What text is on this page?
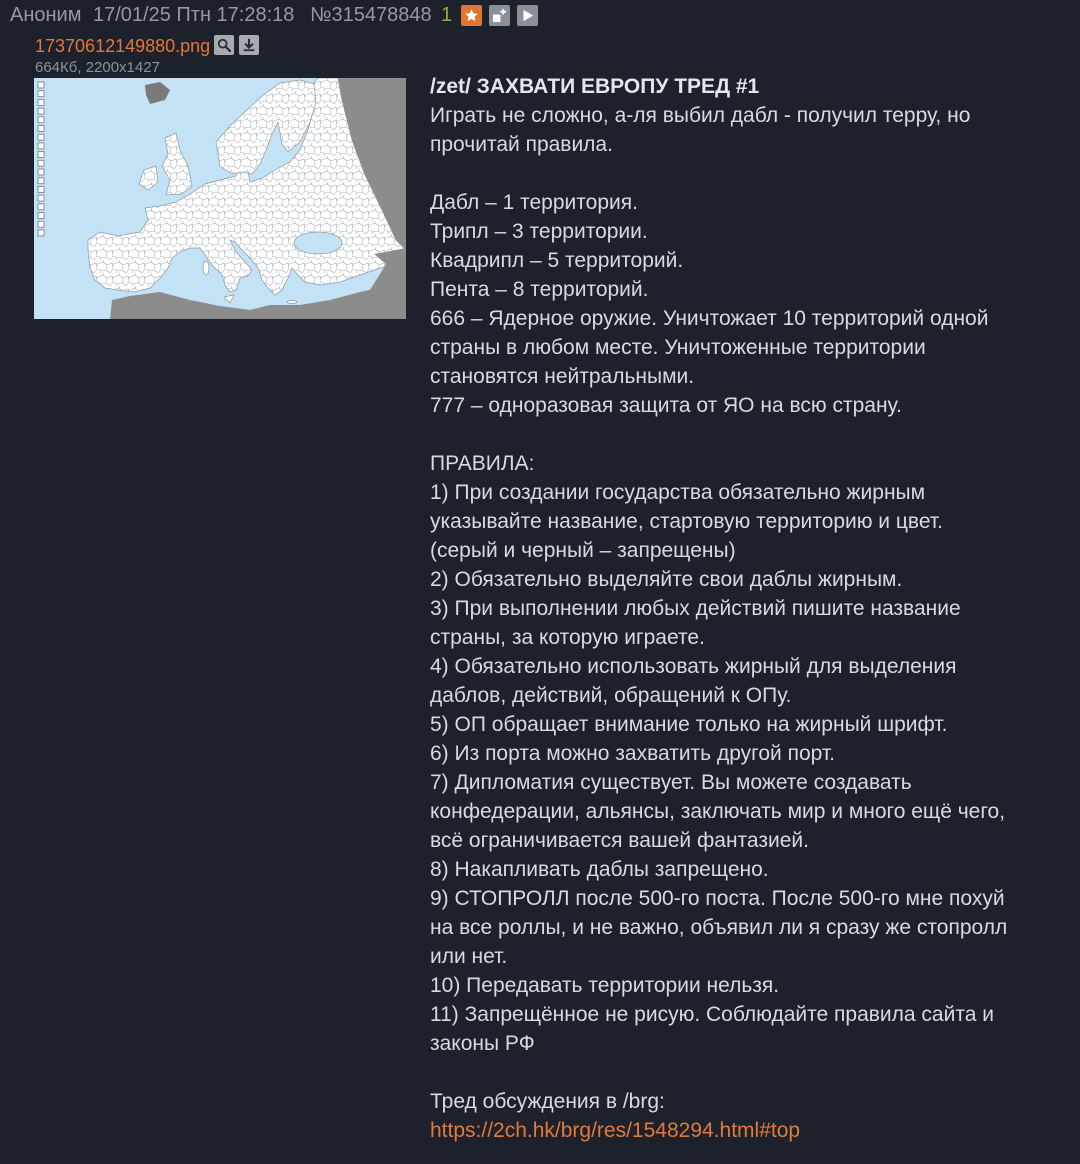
Аноним 17/01/25 Птн 17:28:18 №315478848 1
17370612149880.png
664Кб, 2200x1427
/zet/ ЗАХВАТИ ЕВРОПУ ТРЕД #1
Играть не сложно, а-ля выбил дабл - получил терру, но
прочитай правила.
Дабл – 1 территория.
Трипл – 3 территории.
Квадрипл – 5 территорий.
Пента – 8 территорий.
666 – Ядерное оружие. Уничтожает 10 территорий одной
страны в любом месте. Уничтоженные территории
становятся нейтральными.
777 – одноразовая защита от ЯО на всю страну.
ПРАВИЛА:
1) При создании государства обязательно жирным
указывайте название, стартовую территорию и цвет.
(серый и черный – запрещены)
2) Обязательно выделяйте свои даблы жирным.
3) При выполнении любых действий пишите название
страны, за которую играете.
4) Обязательно использовать жирный для выделения
даблов, действий, обращений к ОПу.
5) ОП обращает внимание только на жирный шрифт.
6) Из порта можно захватить другой порт.
7) Дипломатия существует. Вы можете создавать
конфедерации, альянсы, заключать мир и много ещё чего,
всё ограничивается вашей фантазией.
8) Накапливать даблы запрещено.
9) СТОПРОЛЛ после 500-го поста. После 500-го мне похуй
на все роллы, и не важно, объявил ли я сразу же стопролл
или нет.
10) Передавать территории нельзя.
11) Запрещённое не рисую. Соблюдайте правила сайта и
законы РФ
Тред обсуждения в /brg:
https://2ch.hk/brg/res/1548294.html#top
